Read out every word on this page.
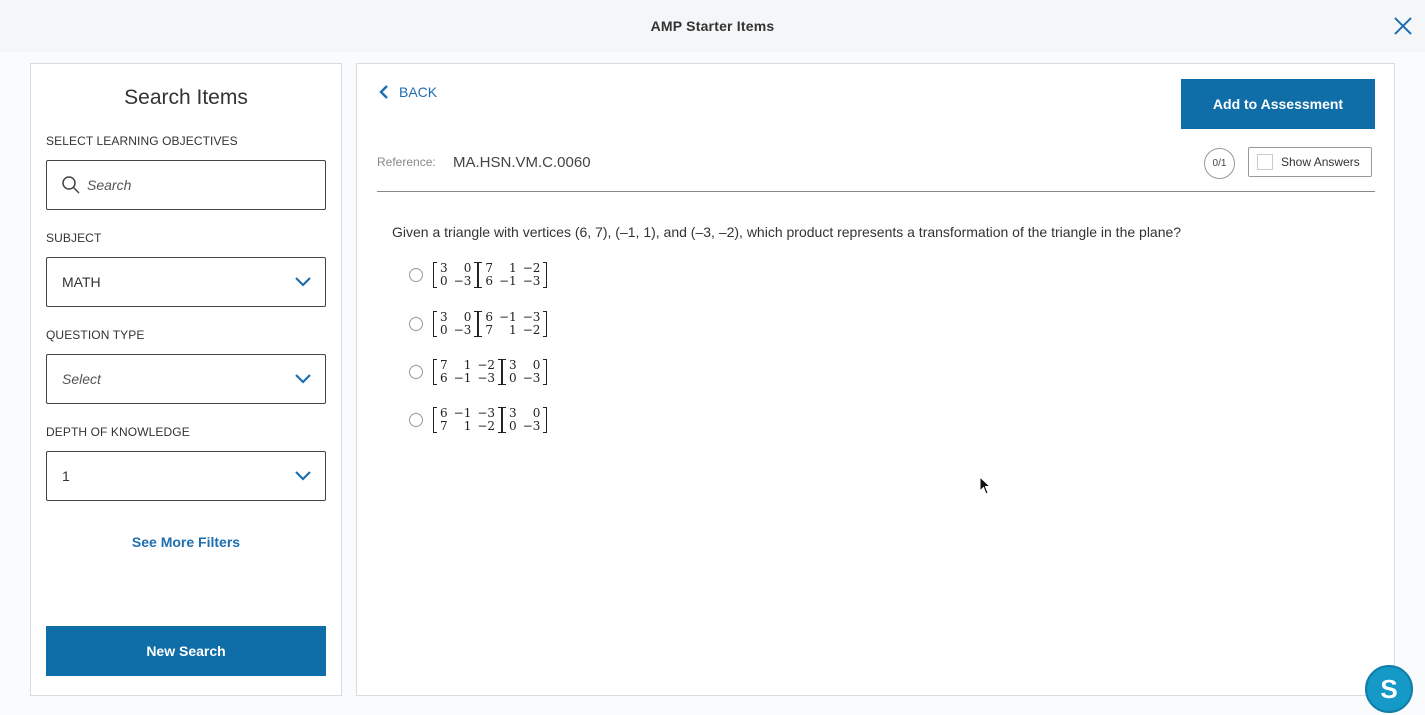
AMP Starter Items
Search Items
SELECT LEARNING OBJECTIVES
Search
SUBJECT
MATH
QUESTION TYPE
Select
DEPTH OF KNOWLEDGE
1
See More Filters
New Search
BACK
Add to Assessment
Reference: MA.HSN.VM.C.0060	0/1	Show Answers
Given a triangle with vertices (6, 7), (–1, 1), and (–3, –2), which product represents a transformation of the triangle in the plane?
3	0
0	−3
7	1	−2
6	−1	−3
3	0
0	−3
6	−1	−3
7	1	−2
7	1	−2
6	−1	−3
3	0
0	−3
6	−1	−3
7	1	−2
3	0
0	−3
S
